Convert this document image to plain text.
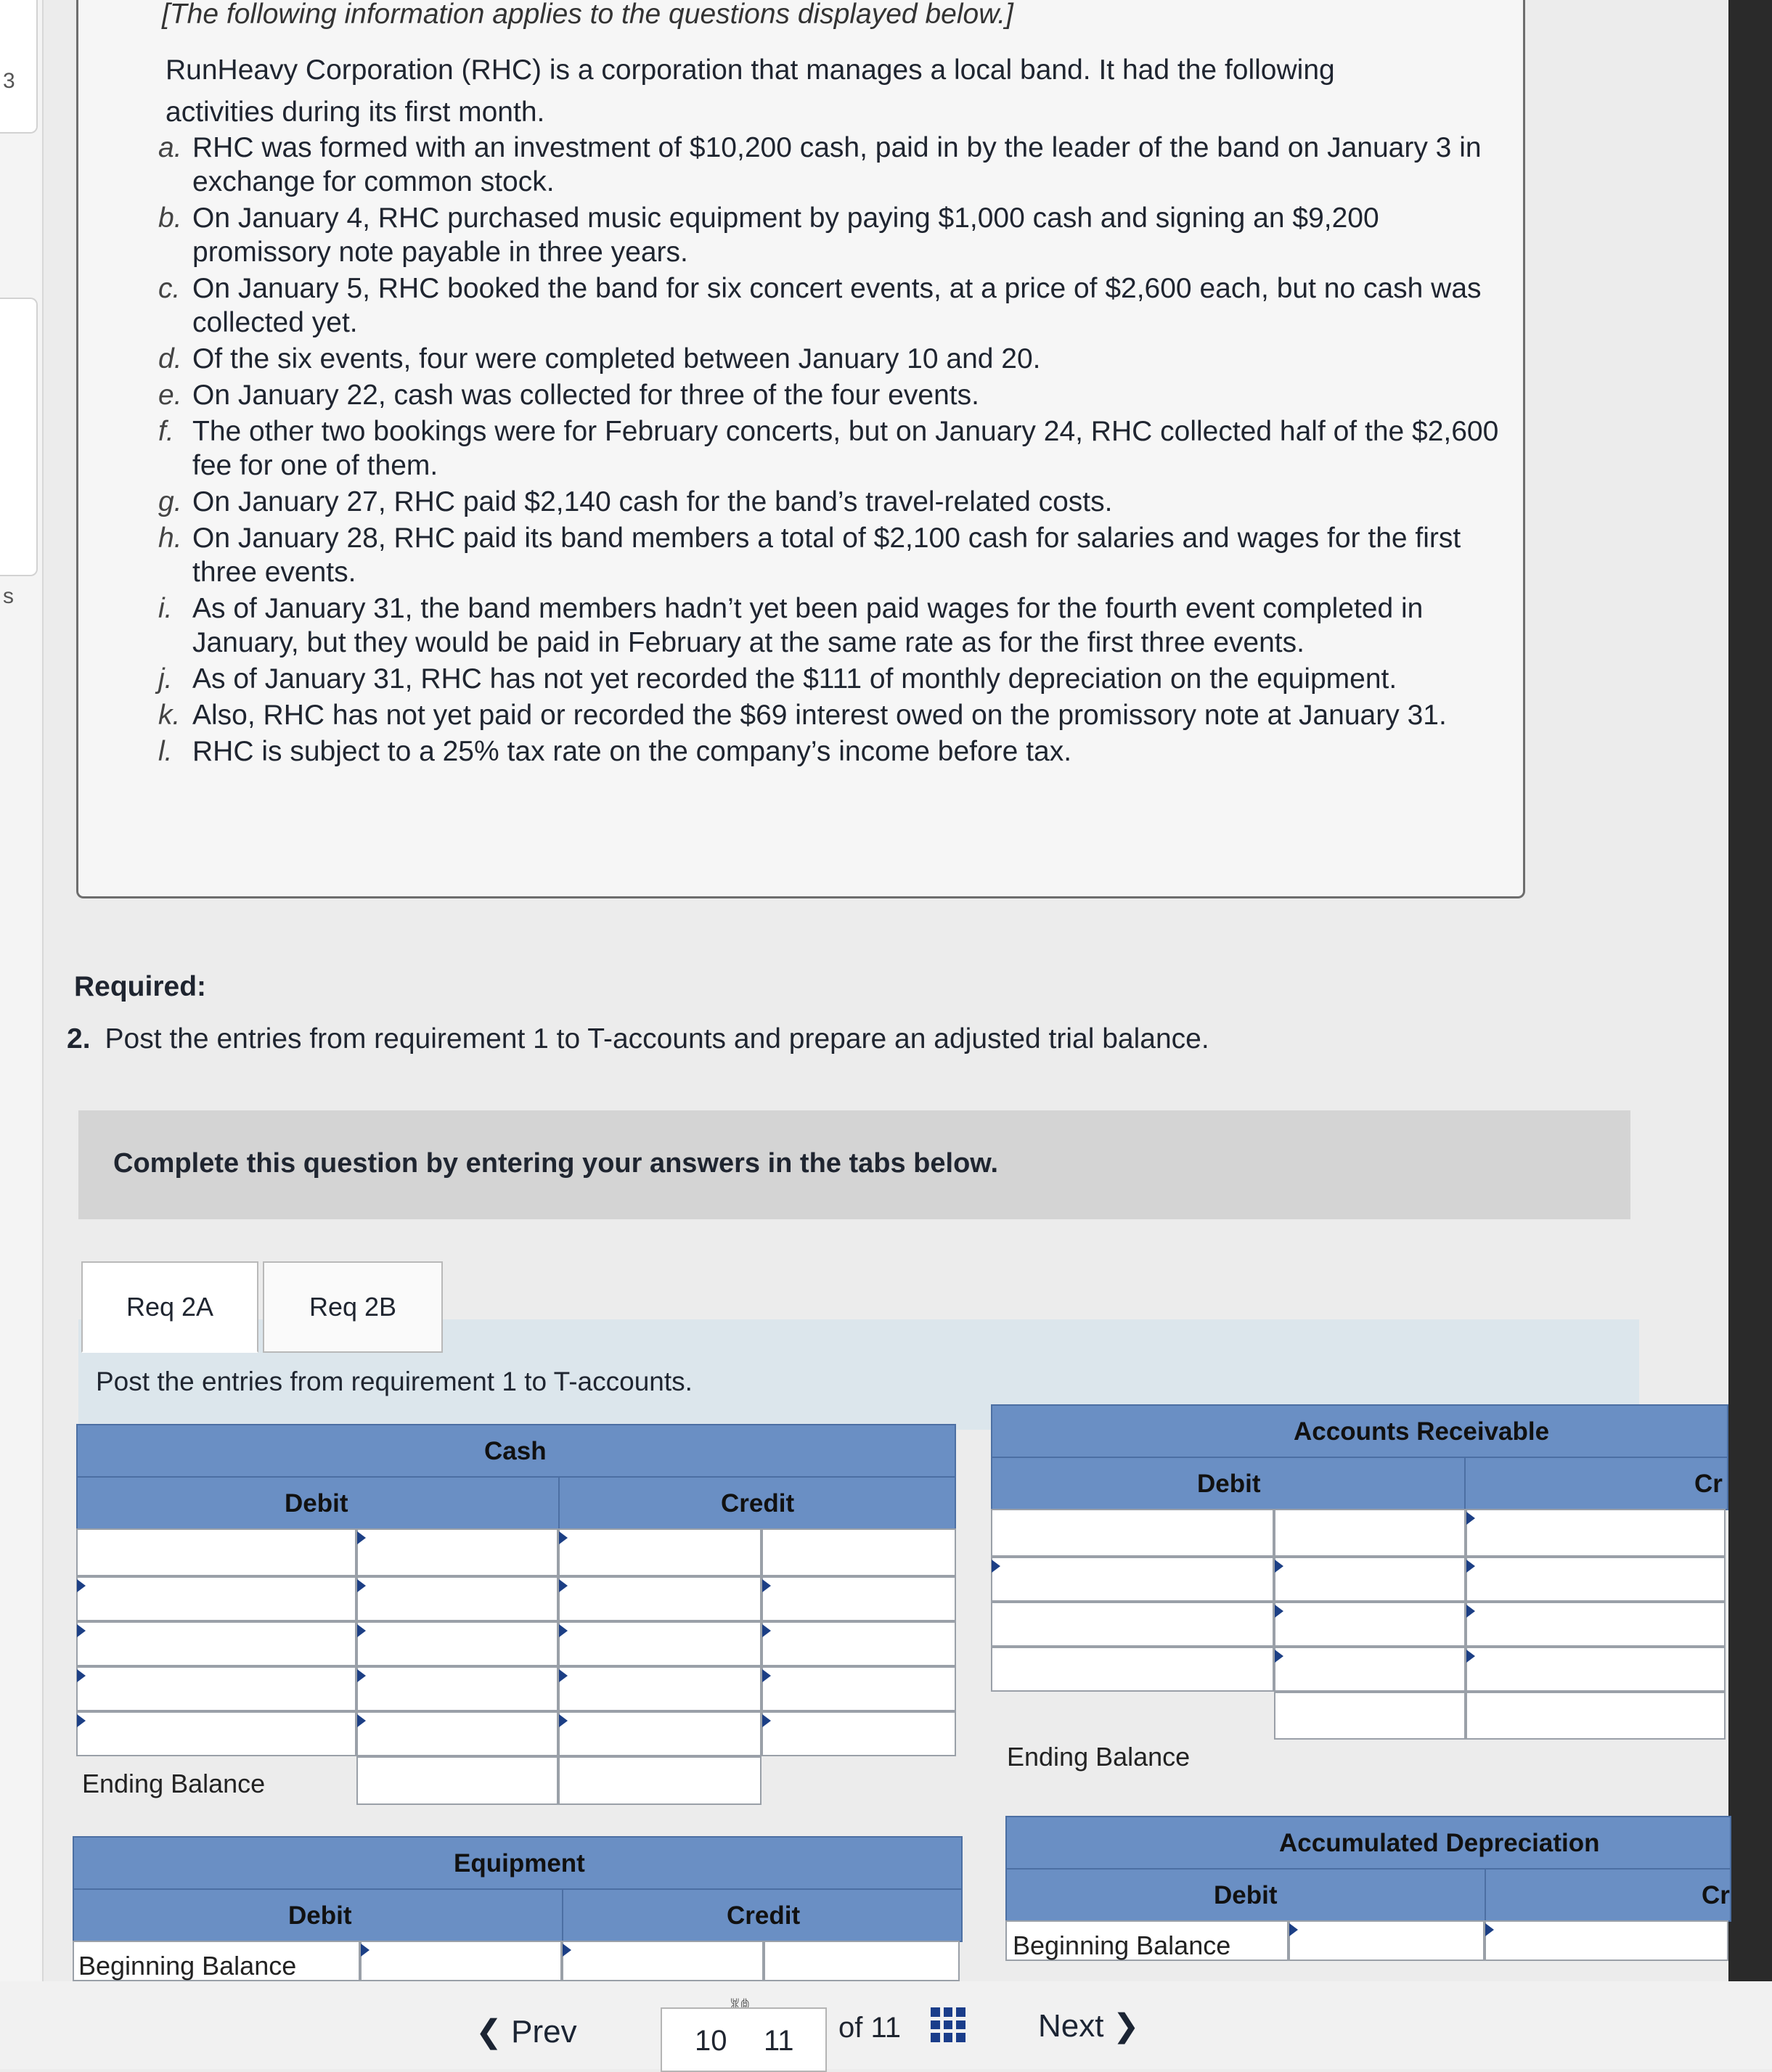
3
s
[The following information applies to the questions displayed below.]
RunHeavy Corporation (RHC) is a corporation that manages a local band. It had the following activities during its first month.
a. RHC was formed with an investment of $10,200 cash, paid in by the leader of the band on January 3 in exchange for common stock.
b. On January 4, RHC purchased music equipment by paying $1,000 cash and signing an $9,200 promissory note payable in three years.
c. On January 5, RHC booked the band for six concert events, at a price of $2,600 each, but no cash was collected yet.
d. Of the six events, four were completed between January 10 and 20.
e. On January 22, cash was collected for three of the four events.
f. The other two bookings were for February concerts, but on January 24, RHC collected half of the $2,600 fee for one of them.
g. On January 27, RHC paid $2,140 cash for the band’s travel-related costs.
h. On January 28, RHC paid its band members a total of $2,100 cash for salaries and wages for the first three events.
i. As of January 31, the band members hadn’t yet been paid wages for the fourth event completed in January, but they would be paid in February at the same rate as for the first three events.
j. As of January 31, RHC has not yet recorded the $111 of monthly depreciation on the equipment.
k. Also, RHC has not yet paid or recorded the $69 interest owed on the promissory note at January 31.
l. RHC is subject to a 25% tax rate on the company’s income before tax.
Required:
2. Post the entries from requirement 1 to T-accounts and prepare an adjusted trial balance.
Complete this question by entering your answers in the tabs below.
Post the entries from requirement 1 to T-accounts.
Req 2A	Req 2B
Cash
Debit	Credit
Ending Balance
Accounts Receivable
Debit	Cr
Ending Balance
Equipment
Debit	Credit
Beginning Balance
Accumulated Depreciation
Debit	Cr
Beginning Balance
❮ Prev	10 11 of 11	Next ❯
